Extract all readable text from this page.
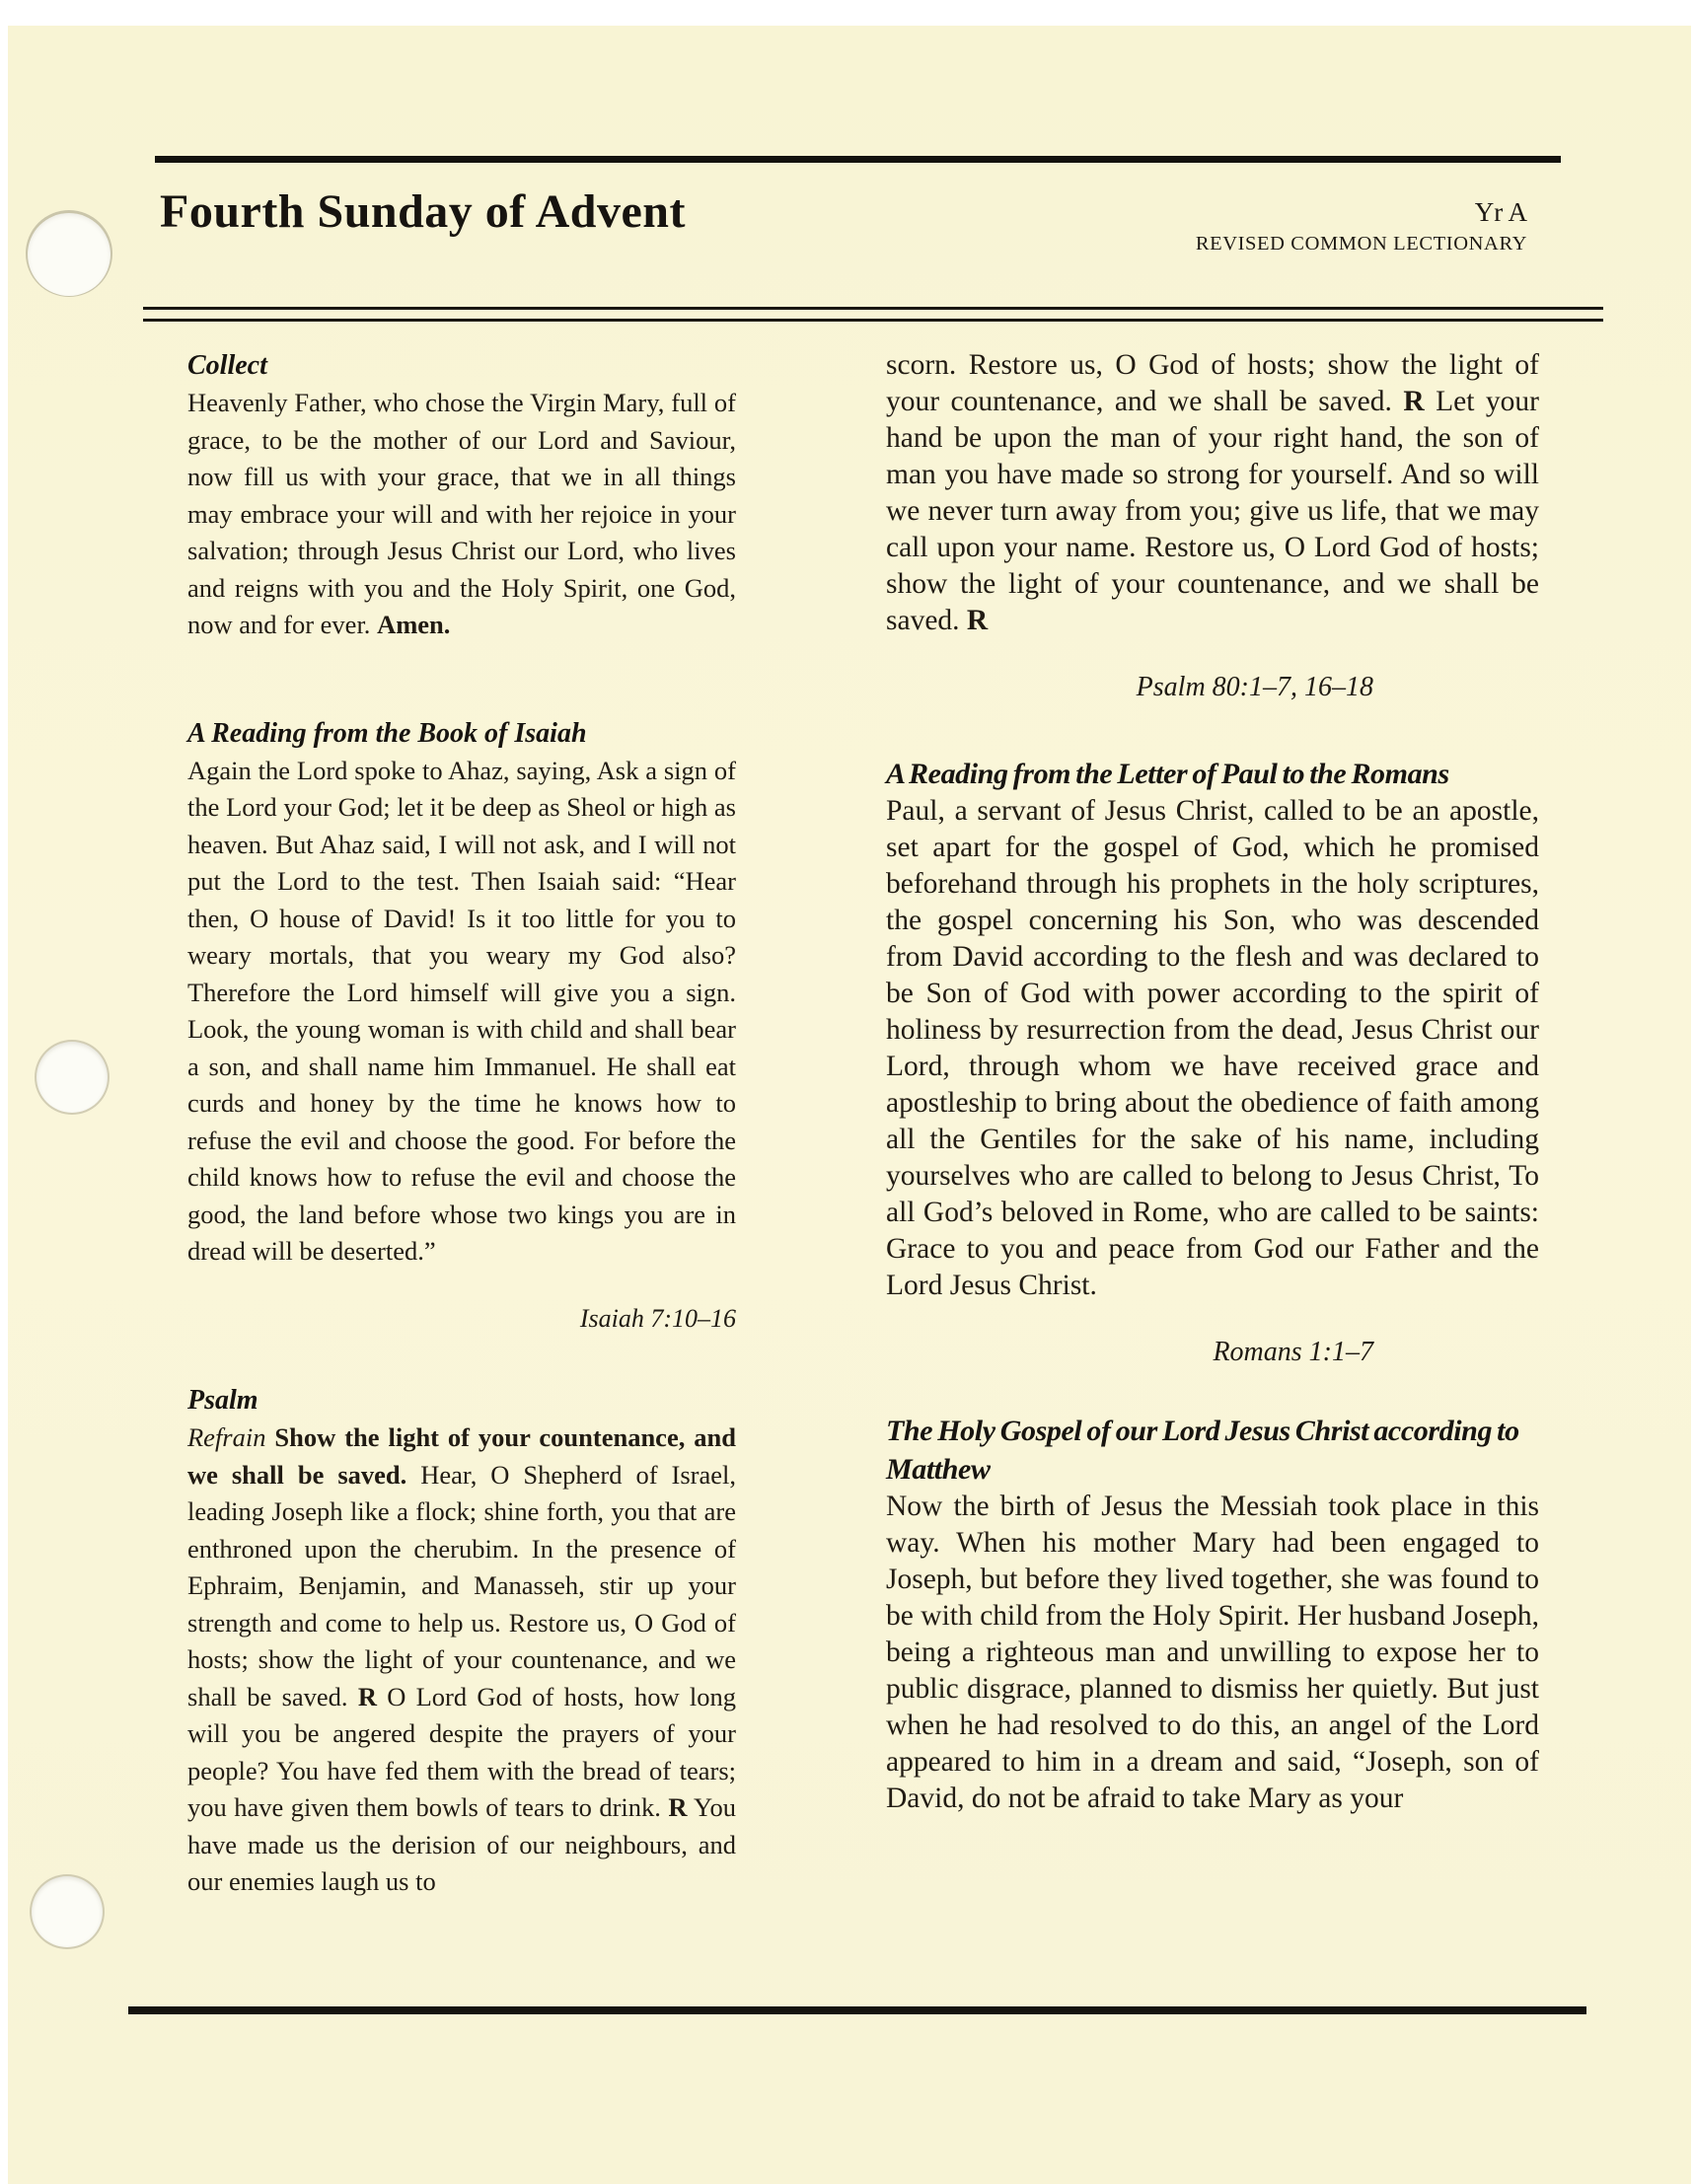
Fourth Sunday of Advent	Yr A
REVISED COMMON LECTIONARY
Collect

Heavenly Father, who chose the Virgin Mary, full of grace, to be the mother of our Lord and Saviour, now fill us with your grace, that we in all things may embrace your will and with her rejoice in your salvation; through Jesus Christ our Lord, who lives and reigns with you and the Holy Spirit, one God, now and for ever. Amen.

A Reading from the Book of Isaiah

Again the Lord spoke to Ahaz, saying, Ask a sign of the Lord your God; let it be deep as Sheol or high as heaven. But Ahaz said, I will not ask, and I will not put the Lord to the test. Then Isaiah said: “Hear then, O house of David! Is it too little for you to weary mortals, that you weary my God also? Therefore the Lord himself will give you a sign. Look, the young woman is with child and shall bear a son, and shall name him Immanuel. He shall eat curds and honey by the time he knows how to refuse the evil and choose the good. For before the child knows how to refuse the evil and choose the good, the land before whose two kings you are in dread will be deserted.”

Isaiah 7:10–16

Psalm

Refrain Show the light of your countenance, and we shall be saved. Hear, O Shepherd of Israel, leading Joseph like a flock; shine forth, you that are enthroned upon the cherubim. In the presence of Ephraim, Benjamin, and Manasseh, stir up your strength and come to help us. Restore us, O God of hosts; show the light of your countenance, and we shall be saved. R O Lord God of hosts, how long will you be angered despite the prayers of your people? You have fed them with the bread of tears; you have given them bowls of tears to drink. R You have made us the derision of our neighbours, and our enemies laugh us to

scorn. Restore us, O God of hosts; show the light of your countenance, and we shall be saved. R Let your hand be upon the man of your right hand, the son of man you have made so strong for yourself. And so will we never turn away from you; give us life, that we may call upon your name. Restore us, O Lord God of hosts; show the light of your countenance, and we shall be saved. R

Psalm 80:1–7, 16–18

A Reading from the Letter of Paul to the Romans

Paul, a servant of Jesus Christ, called to be an apostle, set apart for the gospel of God, which he promised beforehand through his prophets in the holy scriptures, the gospel concerning his Son, who was descended from David according to the flesh and was declared to be Son of God with power according to the spirit of holiness by resurrection from the dead, Jesus Christ our Lord, through whom we have received grace and apostleship to bring about the obedience of faith among all the Gentiles for the sake of his name, including yourselves who are called to belong to Jesus Christ, To all God’s beloved in Rome, who are called to be saints: Grace to you and peace from God our Father and the Lord Jesus Christ.

Romans 1:1–7

The Holy Gospel of our Lord Jesus Christ according to Matthew

Now the birth of Jesus the Messiah took place in this way. When his mother Mary had been engaged to Joseph, but before they lived together, she was found to be with child from the Holy Spirit. Her husband Joseph, being a righteous man and unwilling to expose her to public disgrace, planned to dismiss her quietly. But just when he had resolved to do this, an angel of the Lord appeared to him in a dream and said, “Joseph, son of David, do not be afraid to take Mary as your
